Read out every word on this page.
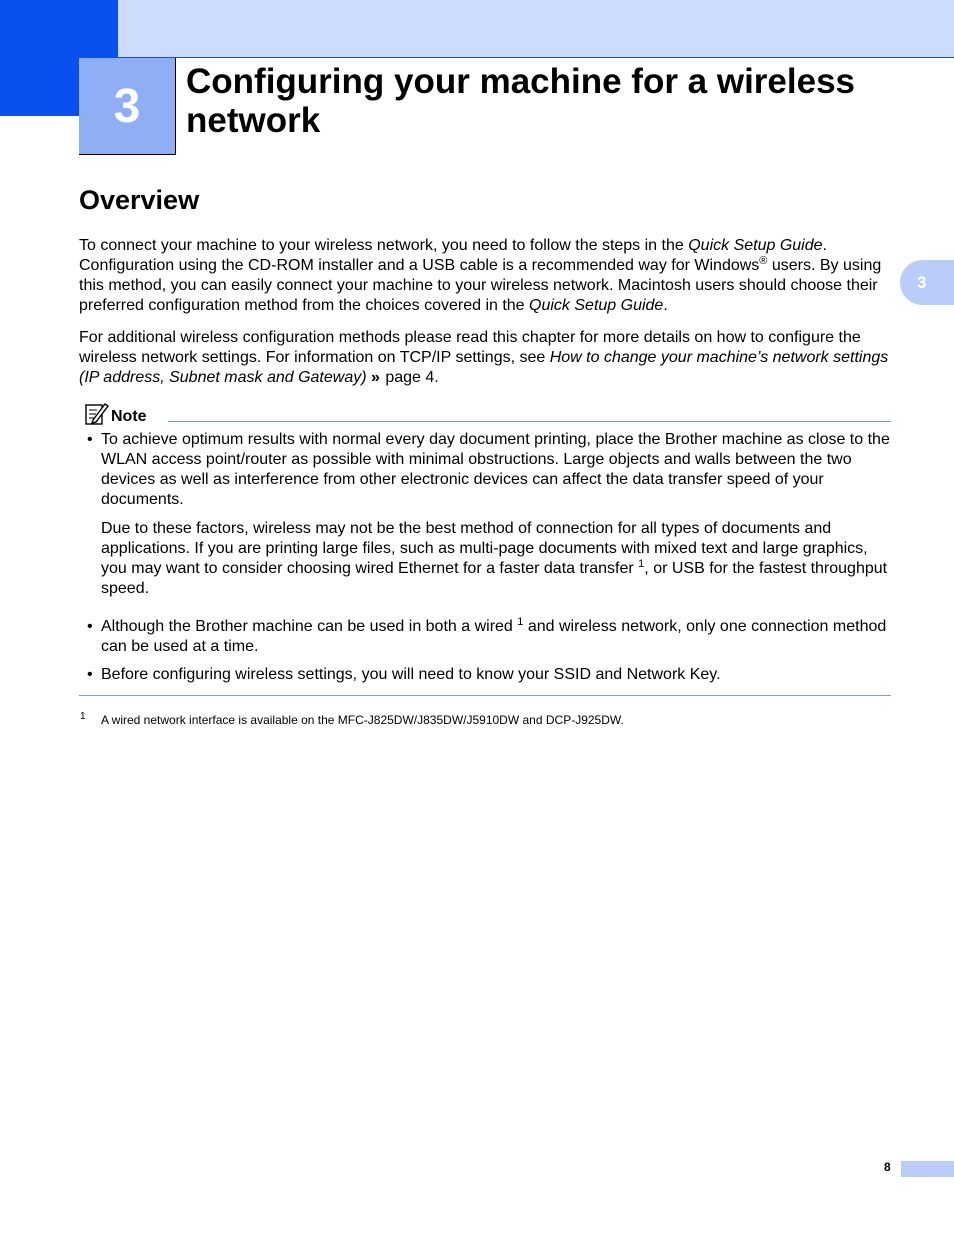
3 Configuring your machine for a wireless network
3
Overview

To connect your machine to your wireless network, you need to follow the steps in the Quick Setup Guide. Configuration using the CD-ROM installer and a USB cable is a recommended way for Windows® users. By using this method, you can easily connect your machine to your wireless network. Macintosh users should choose their preferred configuration method from the choices covered in the Quick Setup Guide.

For additional wireless configuration methods please read this chapter for more details on how to configure the wireless network settings. For information on TCP/IP settings, see How to change your machine’s network settings (IP address, Subnet mask and Gateway) » page 4.

Note
• To achieve optimum results with normal every day document printing, place the Brother machine as close to the WLAN access point/router as possible with minimal obstructions. Large objects and walls between the two devices as well as interference from other electronic devices can affect the data transfer speed of your documents.

Due to these factors, wireless may not be the best method of connection for all types of documents and applications. If you are printing large files, such as multi-page documents with mixed text and large graphics, you may want to consider choosing wired Ethernet for a faster data transfer $^1$, or USB for the fastest throughput speed.

• Although the Brother machine can be used in both a wired $^1$ and wireless network, only one connection method can be used at a time.

• Before configuring wireless settings, you will need to know your SSID and Network Key.

1 A wired network interface is available on the MFC-J825DW/J835DW/J5910DW and DCP-J925DW.
8
